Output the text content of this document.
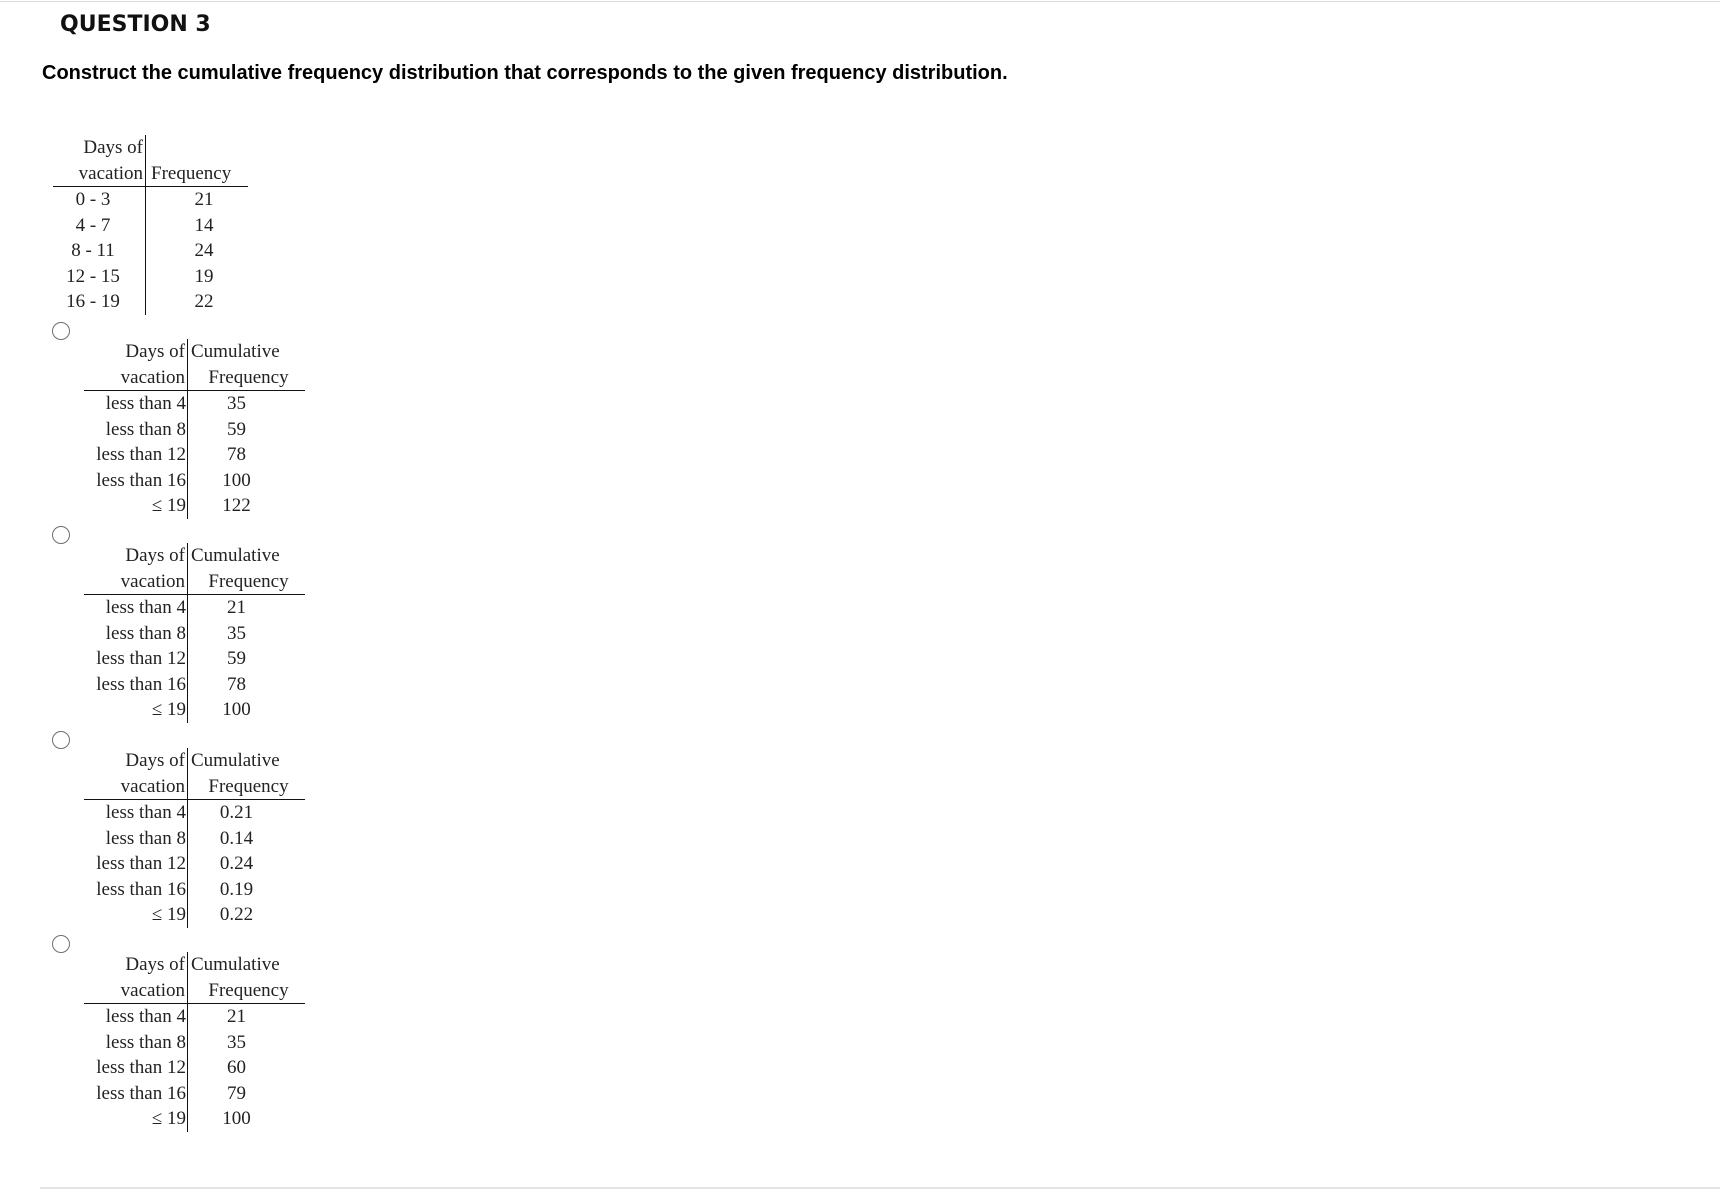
QUESTION 3
Construct the cumulative frequency distribution that corresponds to the given frequency distribution.
Days of
vacation Frequency
0 - 3	21
4 - 7	14
8 - 11	24
12 - 15	19
16 - 19	22
Days of Cumulative
vacation	Frequency
less than 4	35
less than 8	59
less than 12	78
less than 16	100
≤ 19	122
Days of Cumulative
vacation	Frequency
less than 4	21
less than 8	35
less than 12	59
less than 16	78
≤ 19	100
Days of Cumulative
vacation	Frequency
less than 4	0.21
less than 8	0.14
less than 12	0.24
less than 16	0.19
≤ 19	0.22
Days of Cumulative
vacation	Frequency
less than 4	21
less than 8	35
less than 12	60
less than 16	79
≤ 19	100
